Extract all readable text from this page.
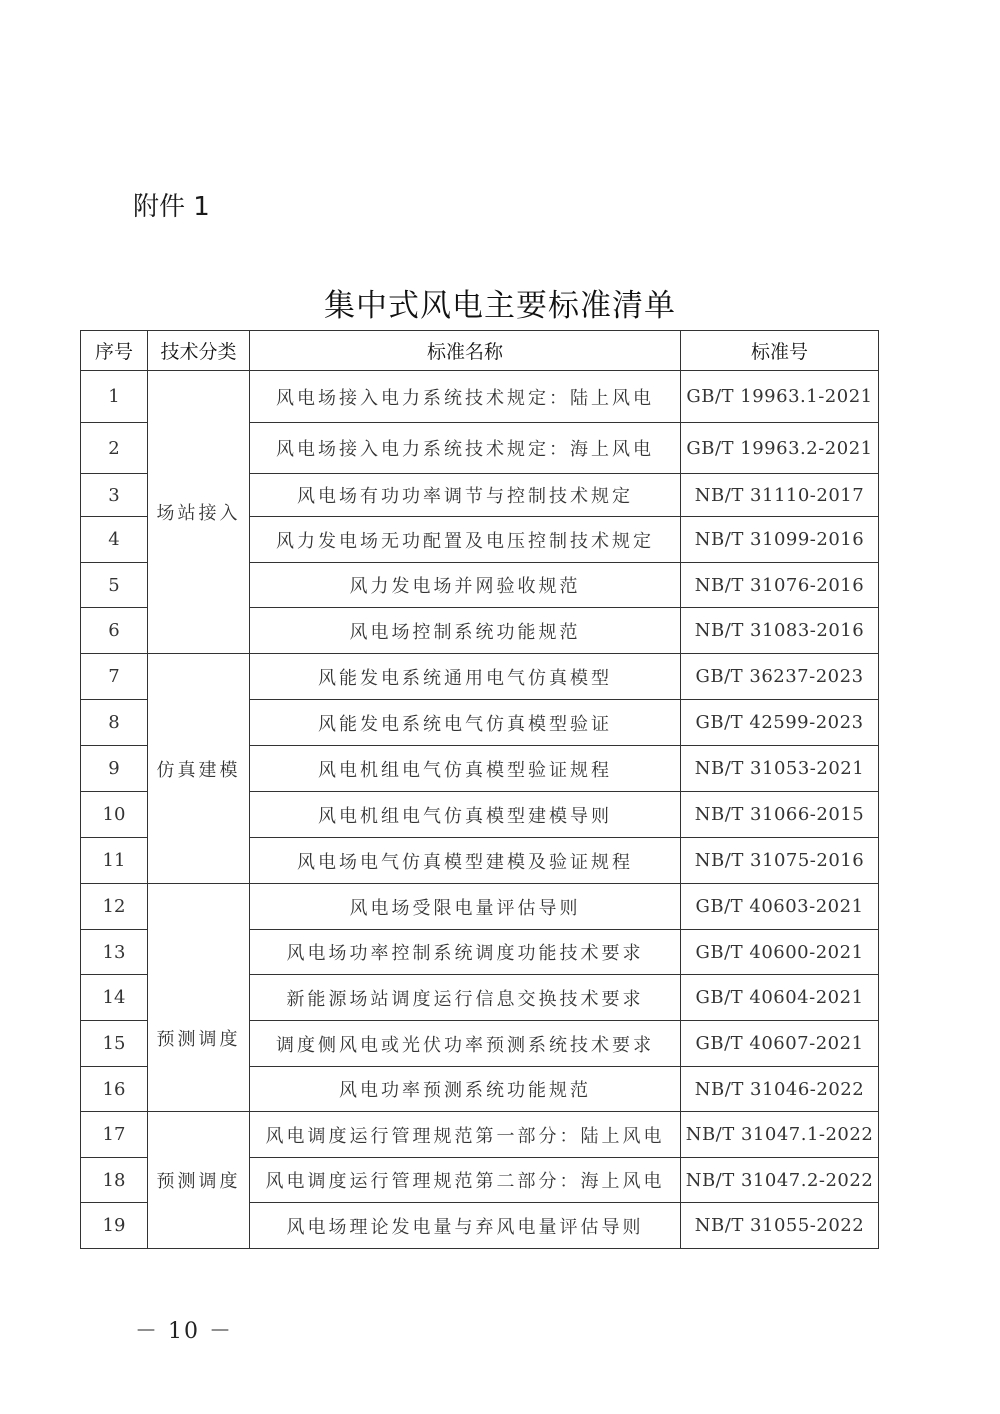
附件 1
集中式风电主要标准清单
序号	技术分类	标准名称	标准号
1	场站接入	风电场接入电力系统技术规定：陆上风电	GB/T 19963.1-2021
2		风电场接入电力系统技术规定：海上风电	GB/T 19963.2-2021
3		风电场有功功率调节与控制技术规定	NB/T 31110-2017
4		风力发电场无功配置及电压控制技术规定	NB/T 31099-2016
5		风力发电场并网验收规范	NB/T 31076-2016
6		风电场控制系统功能规范	NB/T 31083-2016
7	仿真建模	风能发电系统通用电气仿真模型	GB/T 36237-2023
8		风能发电系统电气仿真模型验证	GB/T 42599-2023
9		风电机组电气仿真模型验证规程	NB/T 31053-2021
10		风电机组电气仿真模型建模导则	NB/T 31066-2015
11		风电场电气仿真模型建模及验证规程	NB/T 31075-2016
12	预测调度	风电场受限电量评估导则	GB/T 40603-2021
13		风电场功率控制系统调度功能技术要求	GB/T 40600-2021
14		新能源场站调度运行信息交换技术要求	GB/T 40604-2021
15		调度侧风电或光伏功率预测系统技术要求	GB/T 40607-2021
16		风电功率预测系统功能规范	NB/T 31046-2022
17	预测调度	风电调度运行管理规范第一部分：陆上风电	NB/T 31047.1-2022
18		风电调度运行管理规范第二部分：海上风电	NB/T 31047.2-2022
19		风电场理论发电量与弃风电量评估导则	NB/T 31055-2022
－ 10 －
